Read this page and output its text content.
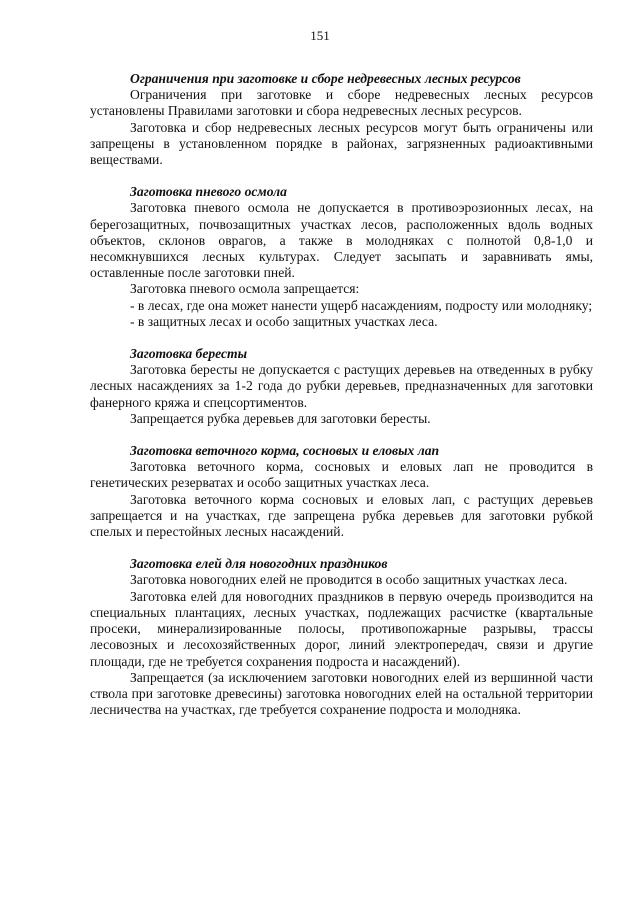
151
Ограничения при заготовке и сборе недревесных лесных ресурсов

Ограничения при заготовке и сборе недревесных лесных ресурсов установлены Правилами заготовки и сбора недревесных лесных ресурсов.

Заготовка и сбор недревесных лесных ресурсов могут быть ограничены или запрещены в установленном порядке в районах, загрязненных радиоактивными веществами.

Заготовка пневого осмола

Заготовка пневого осмола не допускается в противоэрозионных лесах, на берегозащитных, почвозащитных участках лесов, расположенных вдоль водных объектов, склонов оврагов, а также в молодняках с полнотой 0,8-1,0 и несомкнувшихся лесных культурах. Следует засыпать и заравнивать ямы, оставленные после заготовки пней.

Заготовка пневого осмола запрещается:

- в лесах, где она может нанести ущерб насаждениям, подросту или молодняку;

- в защитных лесах и особо защитных участках леса.

Заготовка бересты

Заготовка бересты не допускается с растущих деревьев на отведенных в рубку лесных насаждениях за 1-2 года до рубки деревьев, предназначенных для заготовки фанерного кряжа и спецсортиментов.

Запрещается рубка деревьев для заготовки бересты.

Заготовка веточного корма, сосновых и еловых лап

Заготовка веточного корма, сосновых и еловых лап не проводится в генетических резерватах и особо защитных участках леса.

Заготовка веточного корма сосновых и еловых лап, с растущих деревьев запрещается и на участках, где запрещена рубка деревьев для заготовки рубкой спелых и перестойных лесных насаждений.

Заготовка елей для новогодних праздников

Заготовка новогодних елей не проводится в особо защитных участках леса.

Заготовка елей для новогодних праздников в первую очередь производится на специальных плантациях, лесных участках, подлежащих расчистке (квартальные просеки, минерализированные полосы, противопожарные разрывы, трассы лесовозных и лесохозяйственных дорог, линий электропередач, связи и другие площади, где не требуется сохранения подроста и насаждений).

Запрещается (за исключением заготовки новогодних елей из вершинной части ствола при заготовке древесины) заготовка новогодних елей на остальной территории лесничества на участках, где требуется сохранение подроста и молодняка.
